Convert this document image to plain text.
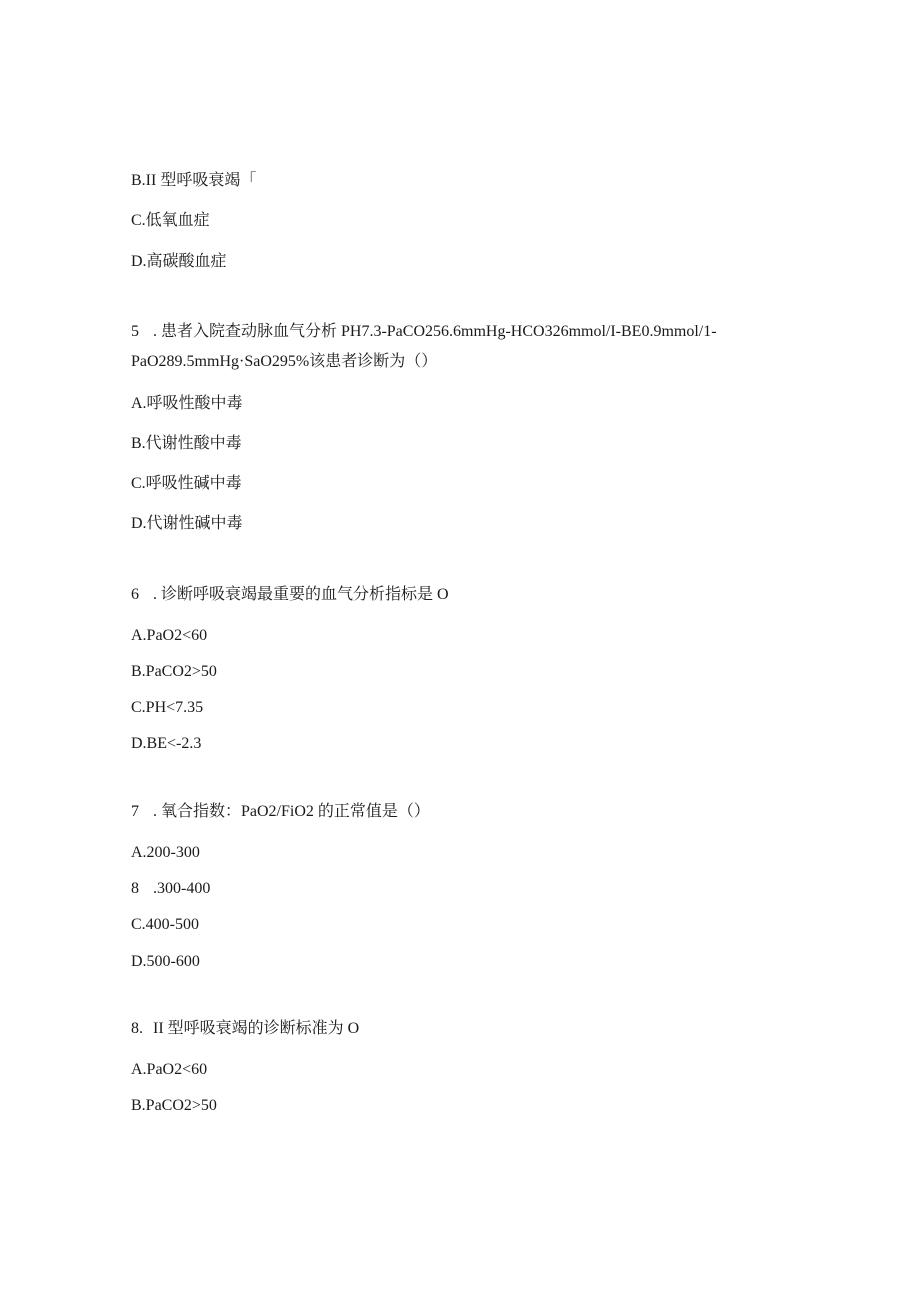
B.II 型呼吸衰竭「
C.低氧血症
D.高碳酸血症
5 . 患者入院查动脉血气分析 PH7.3-PaCO256.6mmHg-HCO326mmol/I-BE0.9mmol/1-
PaO289.5mmHg·SaO295%该患者诊断为（）
A.呼吸性酸中毒
B.代谢性酸中毒
C.呼吸性碱中毒
D.代谢性碱中毒
6 . 诊断呼吸衰竭最重要的血气分析指标是 O
A.PaO2<60
B.PaCO2>50
C.PH<7.35
D.BE<-2.3
7 . 氧合指数：PaO2/FiO2 的正常值是（）
A.200-300
8 .300-400
C.400-500
D.500-600
8. II 型呼吸衰竭的诊断标准为 O
A.PaO2<60
B.PaCO2>50
